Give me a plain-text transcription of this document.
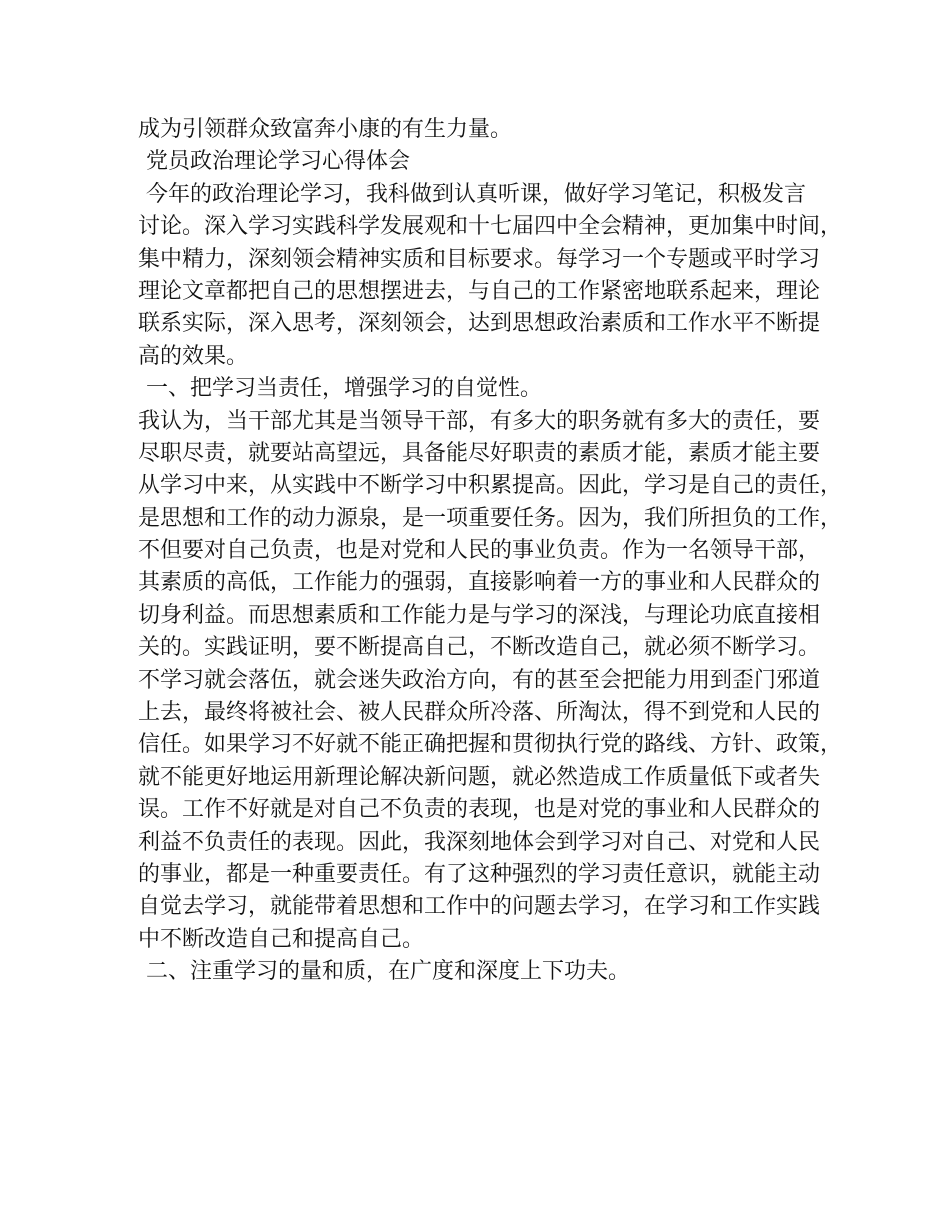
成为引领群众致富奔小康的有生力量。
党员政治理论学习心得体会
今年的政治理论学习，我科做到认真听课，做好学习笔记，积极发言
讨论。深入学习实践科学发展观和十七届四中全会精神，更加集中时间，
集中精力，深刻领会精神实质和目标要求。每学习一个专题或平时学习
理论文章都把自己的思想摆进去，与自己的工作紧密地联系起来，理论
联系实际，深入思考，深刻领会，达到思想政治素质和工作水平不断提
高的效果。
一、把学习当责任，增强学习的自觉性。
我认为，当干部尤其是当领导干部，有多大的职务就有多大的责任，要
尽职尽责，就要站高望远，具备能尽好职责的素质才能，素质才能主要
从学习中来，从实践中不断学习中积累提高。因此，学习是自己的责任，
是思想和工作的动力源泉，是一项重要任务。因为，我们所担负的工作，
不但要对自己负责，也是对党和人民的事业负责。作为一名领导干部，
其素质的高低，工作能力的强弱，直接影响着一方的事业和人民群众的
切身利益。而思想素质和工作能力是与学习的深浅，与理论功底直接相
关的。实践证明，要不断提高自己，不断改造自己，就必须不断学习。
不学习就会落伍，就会迷失政治方向，有的甚至会把能力用到歪门邪道
上去，最终将被社会、被人民群众所冷落、所淘汰，得不到党和人民的
信任。如果学习不好就不能正确把握和贯彻执行党的路线、方针、政策，
就不能更好地运用新理论解决新问题，就必然造成工作质量低下或者失
误。工作不好就是对自己不负责的表现，也是对党的事业和人民群众的
利益不负责任的表现。因此，我深刻地体会到学习对自己、对党和人民
的事业，都是一种重要责任。有了这种强烈的学习责任意识，就能主动
自觉去学习，就能带着思想和工作中的问题去学习，在学习和工作实践
中不断改造自己和提高自己。
二、注重学习的量和质，在广度和深度上下功夫。
